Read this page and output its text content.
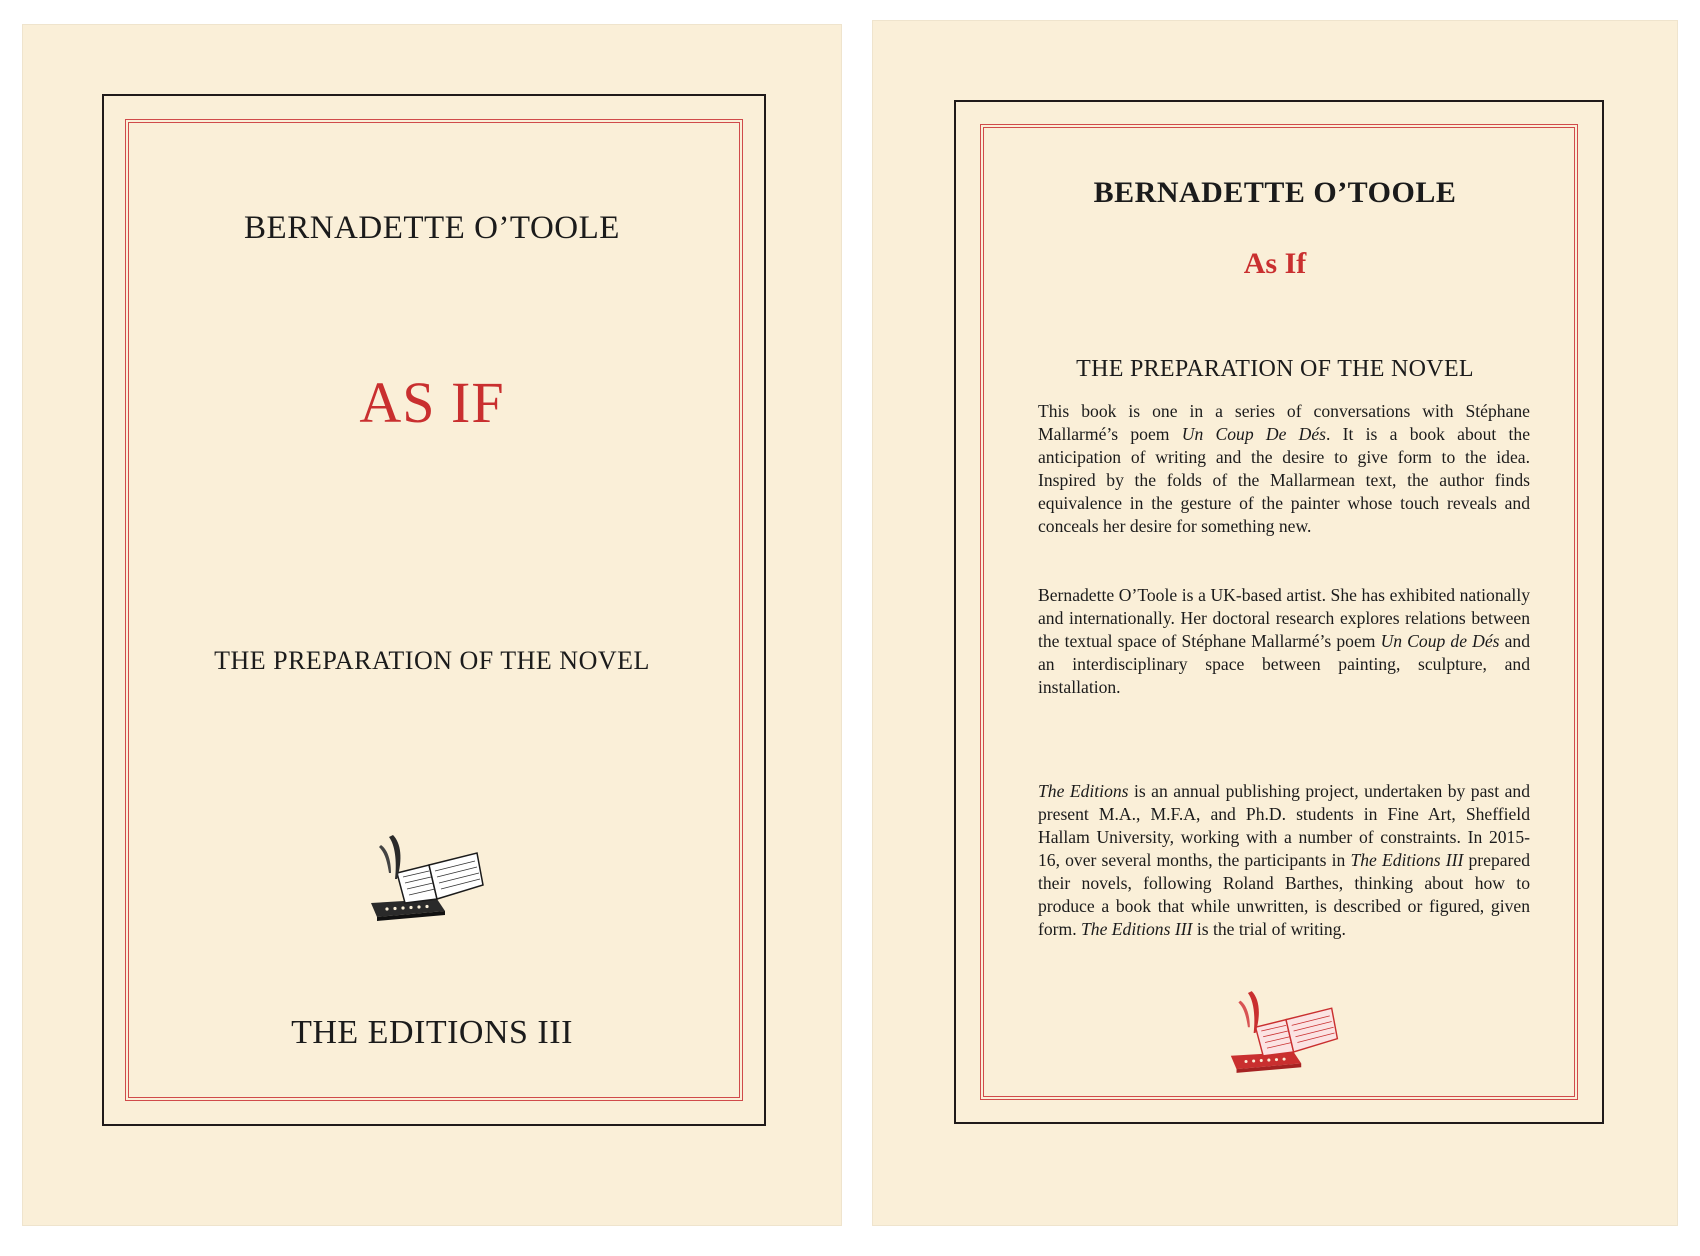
BERNADETTE O’TOOLE
AS IF
THE PREPARATION OF THE NOVEL
THE EDITIONS III
BERNADETTE O’TOOLE
As If
THE PREPARATION OF THE NOVEL

This book is one in a series of conversations with Stéphane Mallarmé’s poem Un Coup De Dés. It is a book about the anticipation of writing and the desire to give form to the idea. Inspired by the folds of the Mallarmean text, the author finds equivalence in the gesture of the painter whose touch reveals and conceals her desire for something new.

Bernadette O’Toole is a UK-based artist. She has exhibited nationally and internationally. Her doctoral research explores relations between the textual space of Stéphane Mallarmé’s poem Un Coup de Dés and an interdisciplinary space between painting, sculpture, and installation.

The Editions is an annual publishing project, undertaken by past and present M.A., M.F.A, and Ph.D. students in Fine Art, Sheffield Hallam University, working with a number of constraints. In 2015-16, over several months, the participants in The Editions III prepared their novels, following Roland Barthes, thinking about how to produce a book that while unwritten, is described or figured, given form. The Editions III is the trial of writing.
